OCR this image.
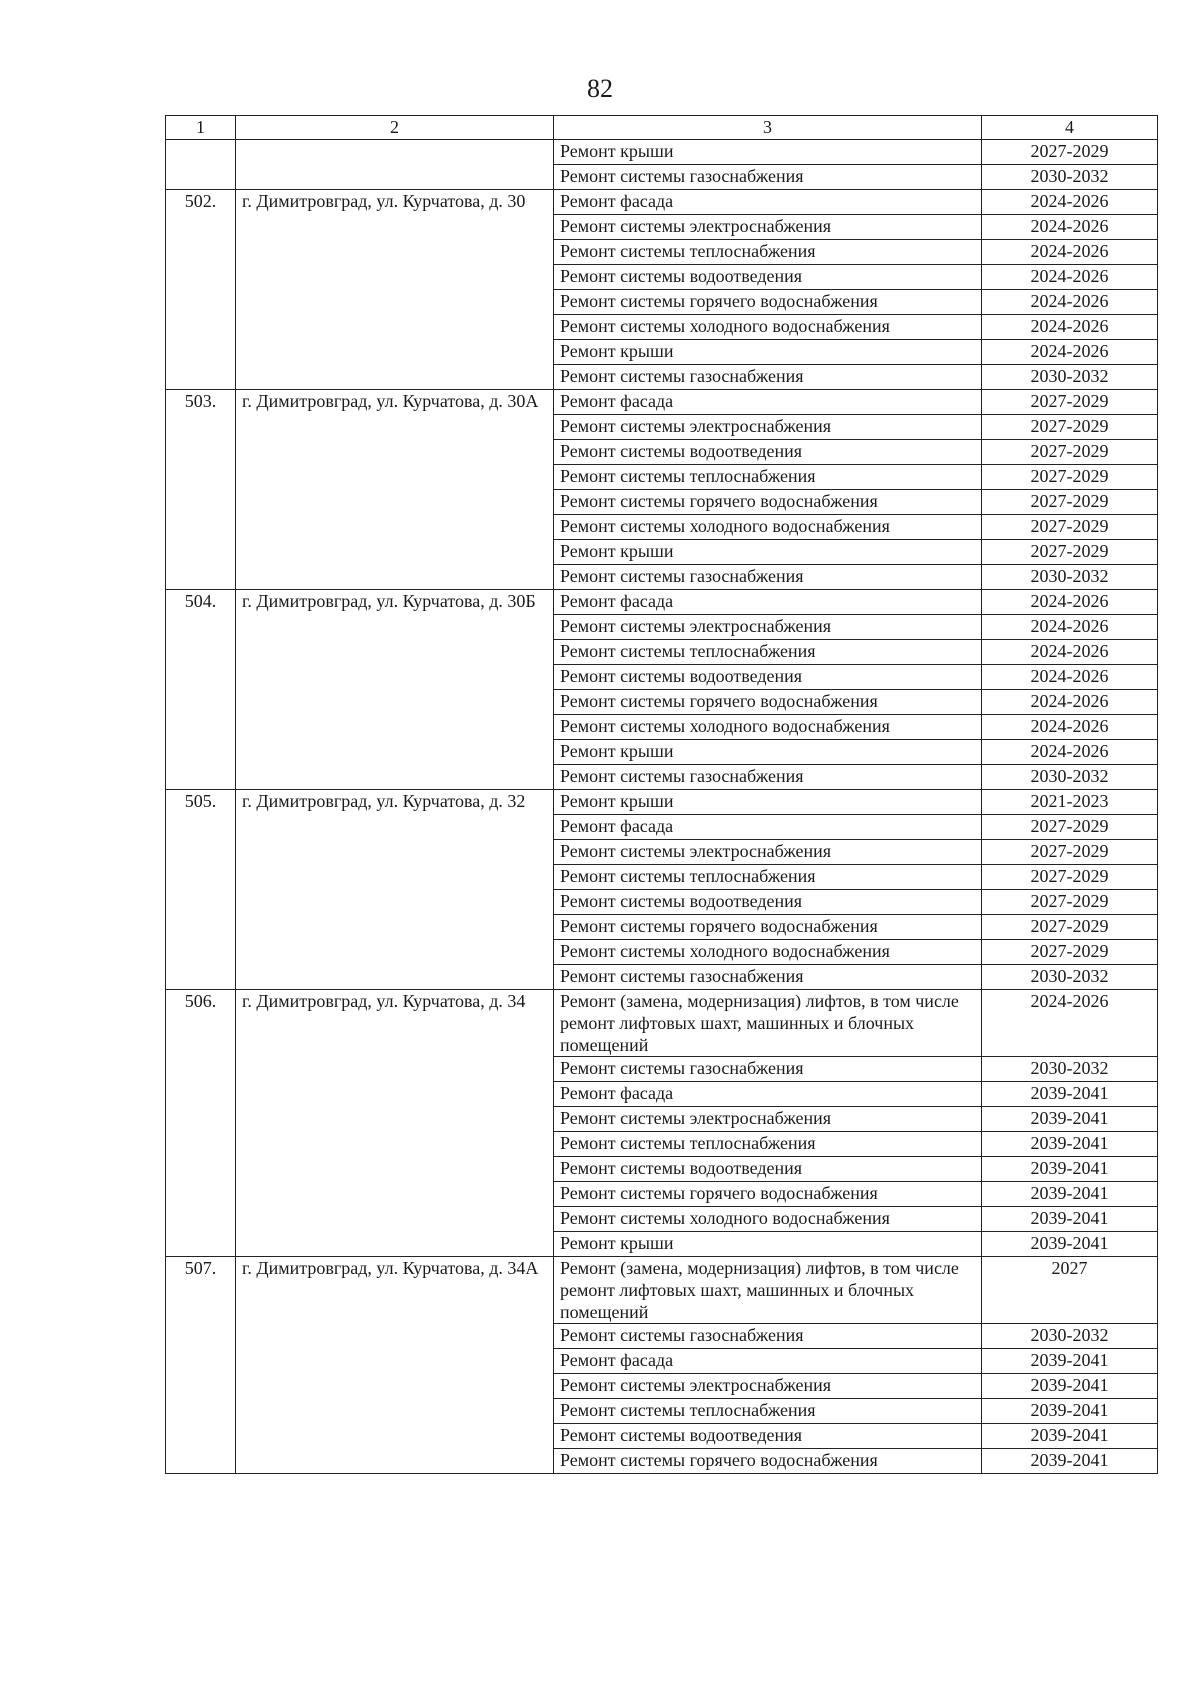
82
1	2	3	4
		Ремонт крыши	2027-2029
		Ремонт системы газоснабжения	2030-2032
502.	г. Димитровград, ул. Курчатова, д. 30	Ремонт фасада	2024-2026
		Ремонт системы электроснабжения	2024-2026
		Ремонт системы теплоснабжения	2024-2026
		Ремонт системы водоотведения	2024-2026
		Ремонт системы горячего водоснабжения	2024-2026
		Ремонт системы холодного водоснабжения	2024-2026
		Ремонт крыши	2024-2026
		Ремонт системы газоснабжения	2030-2032
503.	г. Димитровград, ул. Курчатова, д. 30А	Ремонт фасада	2027-2029
		Ремонт системы электроснабжения	2027-2029
		Ремонт системы водоотведения	2027-2029
		Ремонт системы теплоснабжения	2027-2029
		Ремонт системы горячего водоснабжения	2027-2029
		Ремонт системы холодного водоснабжения	2027-2029
		Ремонт крыши	2027-2029
		Ремонт системы газоснабжения	2030-2032
504.	г. Димитровград, ул. Курчатова, д. 30Б	Ремонт фасада	2024-2026
		Ремонт системы электроснабжения	2024-2026
		Ремонт системы теплоснабжения	2024-2026
		Ремонт системы водоотведения	2024-2026
		Ремонт системы горячего водоснабжения	2024-2026
		Ремонт системы холодного водоснабжения	2024-2026
		Ремонт крыши	2024-2026
		Ремонт системы газоснабжения	2030-2032
505.	г. Димитровград, ул. Курчатова, д. 32	Ремонт крыши	2021-2023
		Ремонт фасада	2027-2029
		Ремонт системы электроснабжения	2027-2029
		Ремонт системы теплоснабжения	2027-2029
		Ремонт системы водоотведения	2027-2029
		Ремонт системы горячего водоснабжения	2027-2029
		Ремонт системы холодного водоснабжения	2027-2029
		Ремонт системы газоснабжения	2030-2032
506.	г. Димитровград, ул. Курчатова, д. 34	Ремонт (замена, модернизация) лифтов, в том числе ремонт лифтовых шахт, машинных и блочных помещений	2024-2026
		Ремонт системы газоснабжения	2030-2032
		Ремонт фасада	2039-2041
		Ремонт системы электроснабжения	2039-2041
		Ремонт системы теплоснабжения	2039-2041
		Ремонт системы водоотведения	2039-2041
		Ремонт системы горячего водоснабжения	2039-2041
		Ремонт системы холодного водоснабжения	2039-2041
		Ремонт крыши	2039-2041
507.	г. Димитровград, ул. Курчатова, д. 34А	Ремонт (замена, модернизация) лифтов, в том числе ремонт лифтовых шахт, машинных и блочных помещений	2027
		Ремонт системы газоснабжения	2030-2032
		Ремонт фасада	2039-2041
		Ремонт системы электроснабжения	2039-2041
		Ремонт системы теплоснабжения	2039-2041
		Ремонт системы водоотведения	2039-2041
		Ремонт системы горячего водоснабжения	2039-2041
